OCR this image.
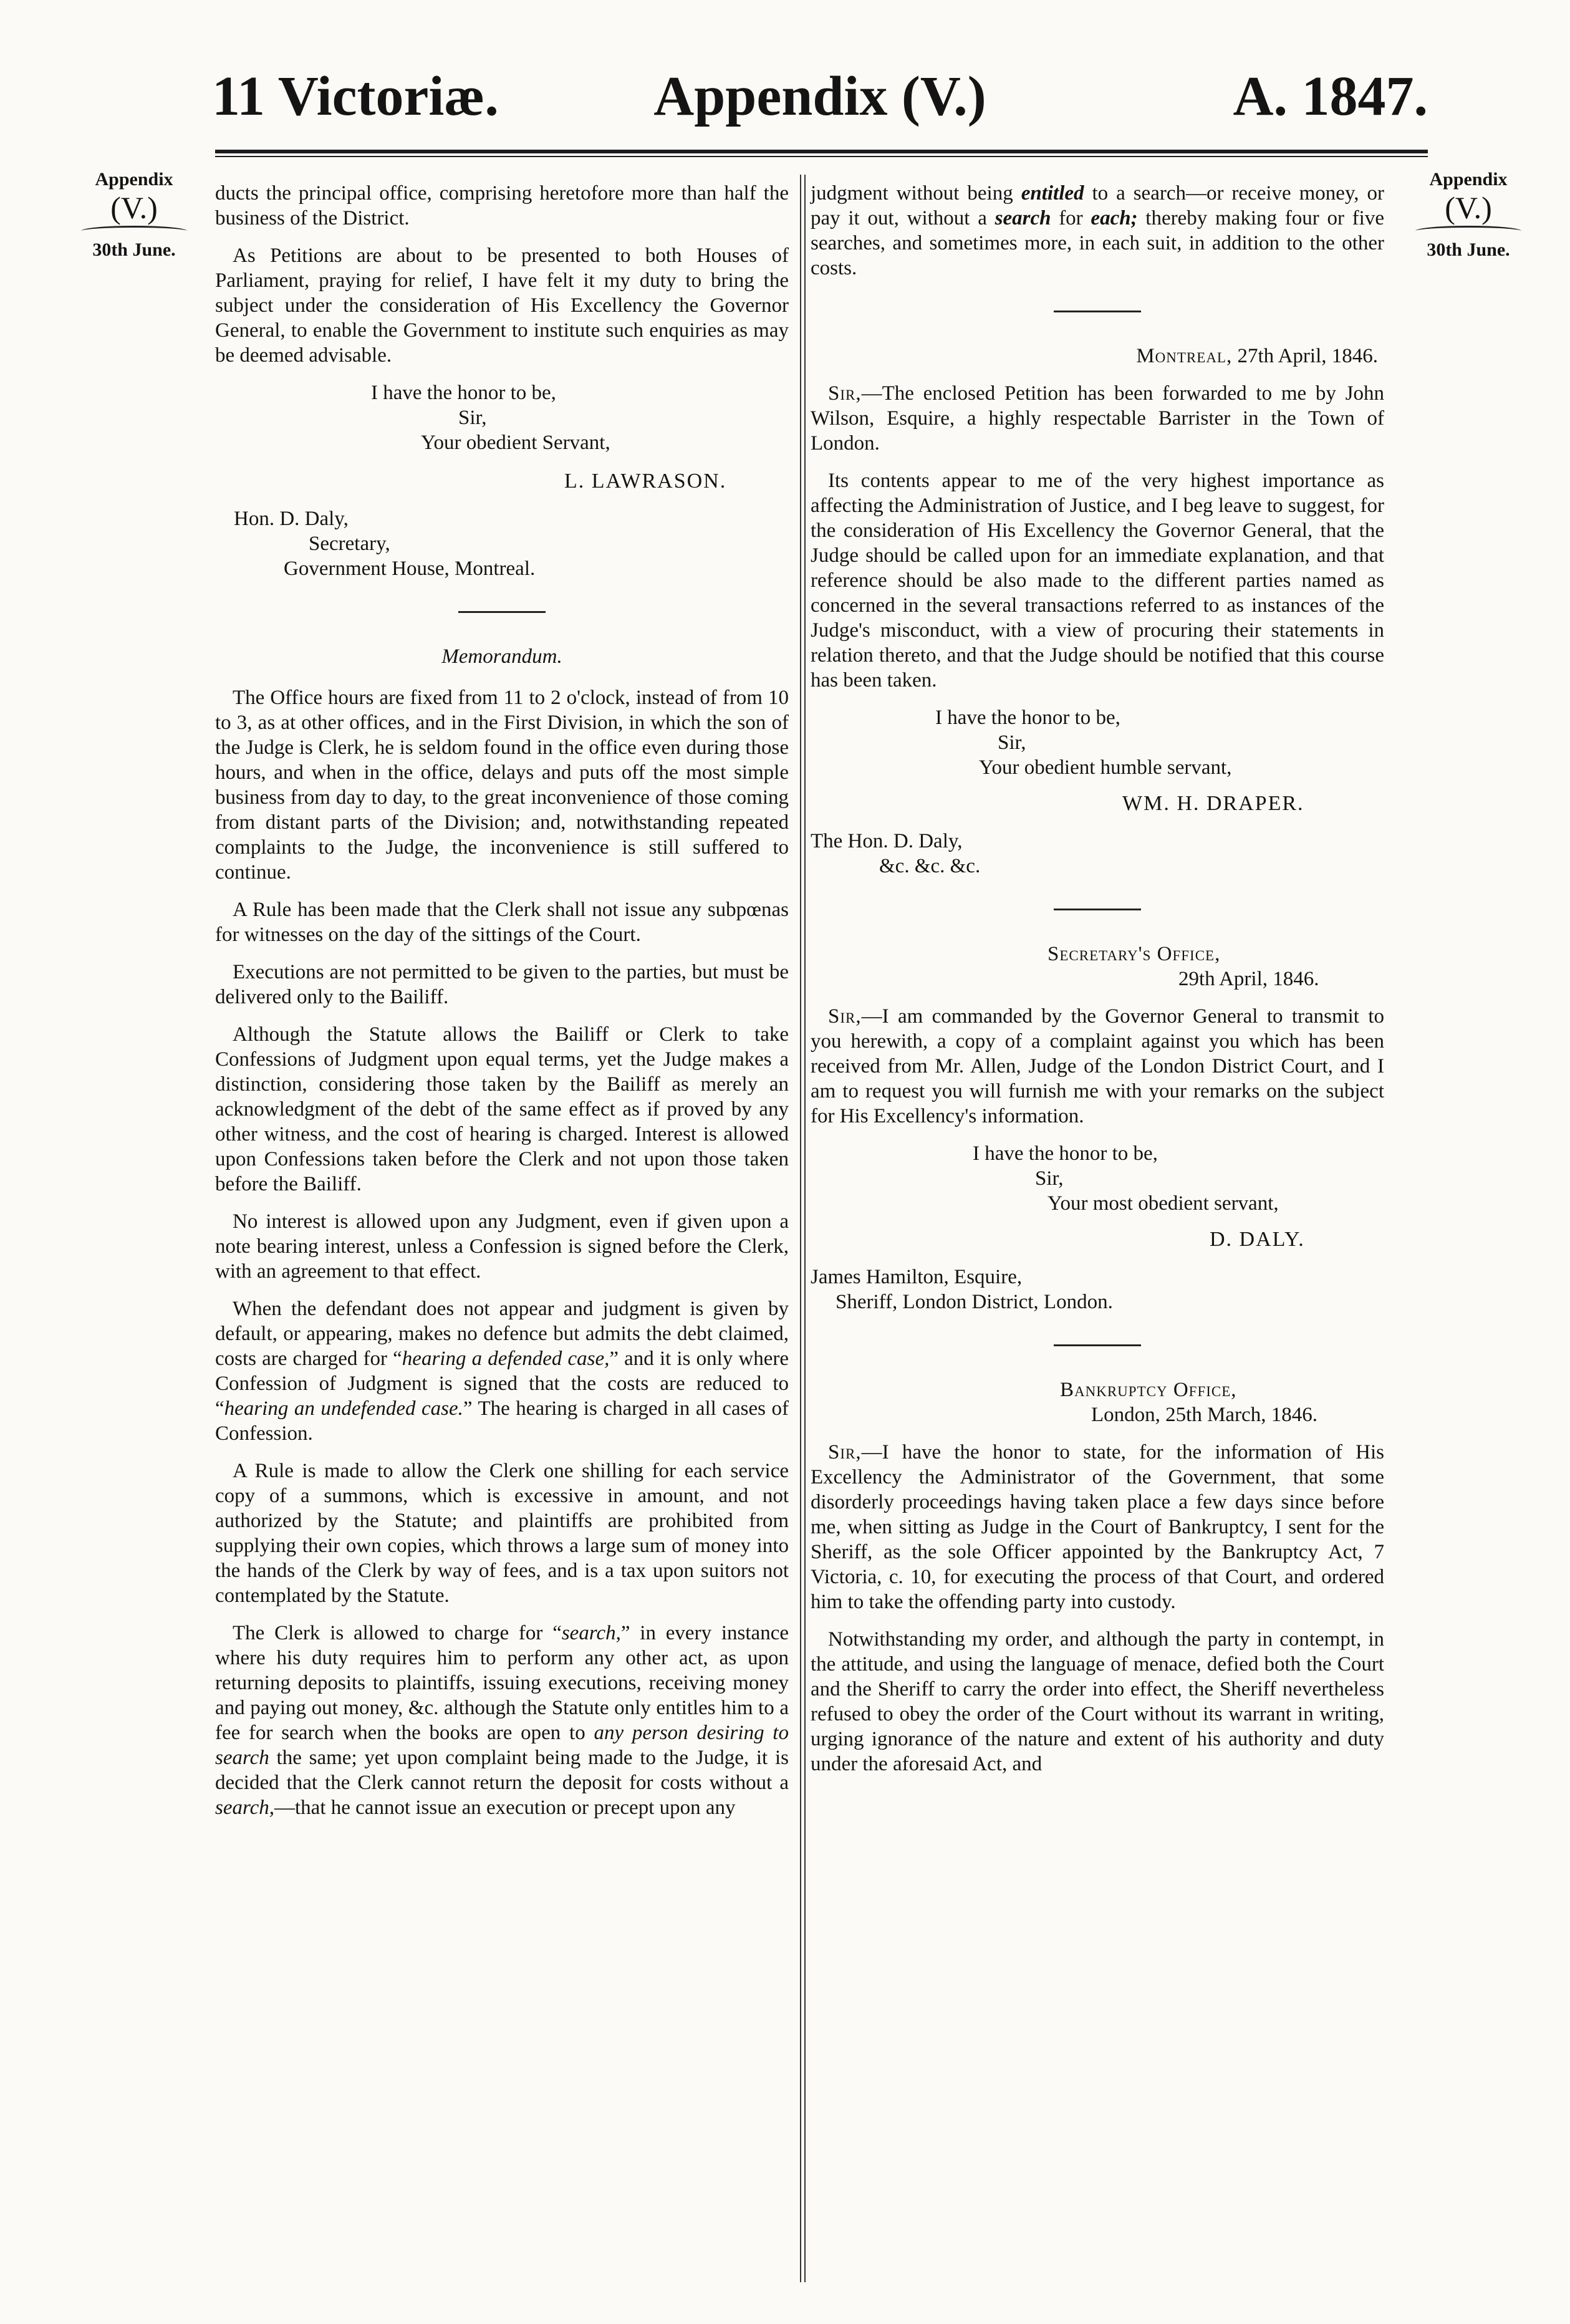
11 Victoriæ.	Appendix (V.)	A. 1847.
Appendix
(V.)
30th June.
Appendix
(V.)
30th June.

ducts the principal office, comprising heretofore more than half the business of the District.

As Petitions are about to be presented to both Houses of Parliament, praying for relief, I have felt it my duty to bring the subject under the consideration of His Excellency the Governor General, to enable the Government to institute such enquiries as may be deemed advisable.

I have the honor to be,
Sir,
Your obedient Servant,
L. LAWRASON.
Hon. D. Daly,
Secretary,
Government House, Montreal.

Memorandum.

The Office hours are fixed from 11 to 2 o'clock, instead of from 10 to 3, as at other offices, and in the First Division, in which the son of the Judge is Clerk, he is seldom found in the office even during those hours, and when in the office, delays and puts off the most simple business from day to day, to the great inconvenience of those coming from distant parts of the Division; and, notwithstanding repeated complaints to the Judge, the inconvenience is still suffered to continue.

A Rule has been made that the Clerk shall not issue any subpœnas for witnesses on the day of the sittings of the Court.

Executions are not permitted to be given to the parties, but must be delivered only to the Bailiff.

Although the Statute allows the Bailiff or Clerk to take Confessions of Judgment upon equal terms, yet the Judge makes a distinction, considering those taken by the Bailiff as merely an acknowledgment of the debt of the same effect as if proved by any other witness, and the cost of hearing is charged. Interest is allowed upon Confessions taken before the Clerk and not upon those taken before the Bailiff.

No interest is allowed upon any Judgment, even if given upon a note bearing interest, unless a Confession is signed before the Clerk, with an agreement to that effect.

When the defendant does not appear and judgment is given by default, or appearing, makes no defence but admits the debt claimed, costs are charged for “hearing a defended case,” and it is only where Confession of Judgment is signed that the costs are reduced to “hearing an undefended case.” The hearing is charged in all cases of Confession.

A Rule is made to allow the Clerk one shilling for each service copy of a summons, which is excessive in amount, and not authorized by the Statute; and plaintiffs are prohibited from supplying their own copies, which throws a large sum of money into the hands of the Clerk by way of fees, and is a tax upon suitors not contemplated by the Statute.

The Clerk is allowed to charge for “search,” in every instance where his duty requires him to perform any other act, as upon returning deposits to plaintiffs, issuing executions, receiving money and paying out money, &c. although the Statute only entitles him to a fee for search when the books are open to any person desiring to search the same; yet upon complaint being made to the Judge, it is decided that the Clerk cannot return the deposit for costs without a search,—that he cannot issue an execution or precept upon any

judgment without being entitled to a search—or receive money, or pay it out, without a search for each; thereby making four or five searches, and sometimes more, in each suit, in addition to the other costs.

Montreal, 27th April, 1846.

Sir,—The enclosed Petition has been forwarded to me by John Wilson, Esquire, a highly respectable Barrister in the Town of London.

Its contents appear to me of the very highest importance as affecting the Administration of Justice, and I beg leave to suggest, for the consideration of His Excellency the Governor General, that the Judge should be called upon for an immediate explanation, and that reference should be also made to the different parties named as concerned in the several transactions referred to as instances of the Judge's misconduct, with a view of procuring their statements in relation thereto, and that the Judge should be notified that this course has been taken.

I have the honor to be,
Sir,
Your obedient humble servant,
WM. H. DRAPER.
The Hon. D. Daly,
&c. &c. &c.
Secretary's Office,
29th April, 1846.

Sir,—I am commanded by the Governor General to transmit to you herewith, a copy of a complaint against you which has been received from Mr. Allen, Judge of the London District Court, and I am to request you will furnish me with your remarks on the subject for His Excellency's information.

I have the honor to be,
Sir,
Your most obedient servant,
D. DALY.
James Hamilton, Esquire,
Sheriff, London District, London.
Bankruptcy Office,
London, 25th March, 1846.

Sir,—I have the honor to state, for the information of His Excellency the Administrator of the Government, that some disorderly proceedings having taken place a few days since before me, when sitting as Judge in the Court of Bankruptcy, I sent for the Sheriff, as the sole Officer appointed by the Bankruptcy Act, 7 Victoria, c. 10, for executing the process of that Court, and ordered him to take the offending party into custody.

Notwithstanding my order, and although the party in contempt, in the attitude, and using the language of menace, defied both the Court and the Sheriff to carry the order into effect, the Sheriff nevertheless refused to obey the order of the Court without its warrant in writing, urging ignorance of the nature and extent of his authority and duty under the aforesaid Act, and
